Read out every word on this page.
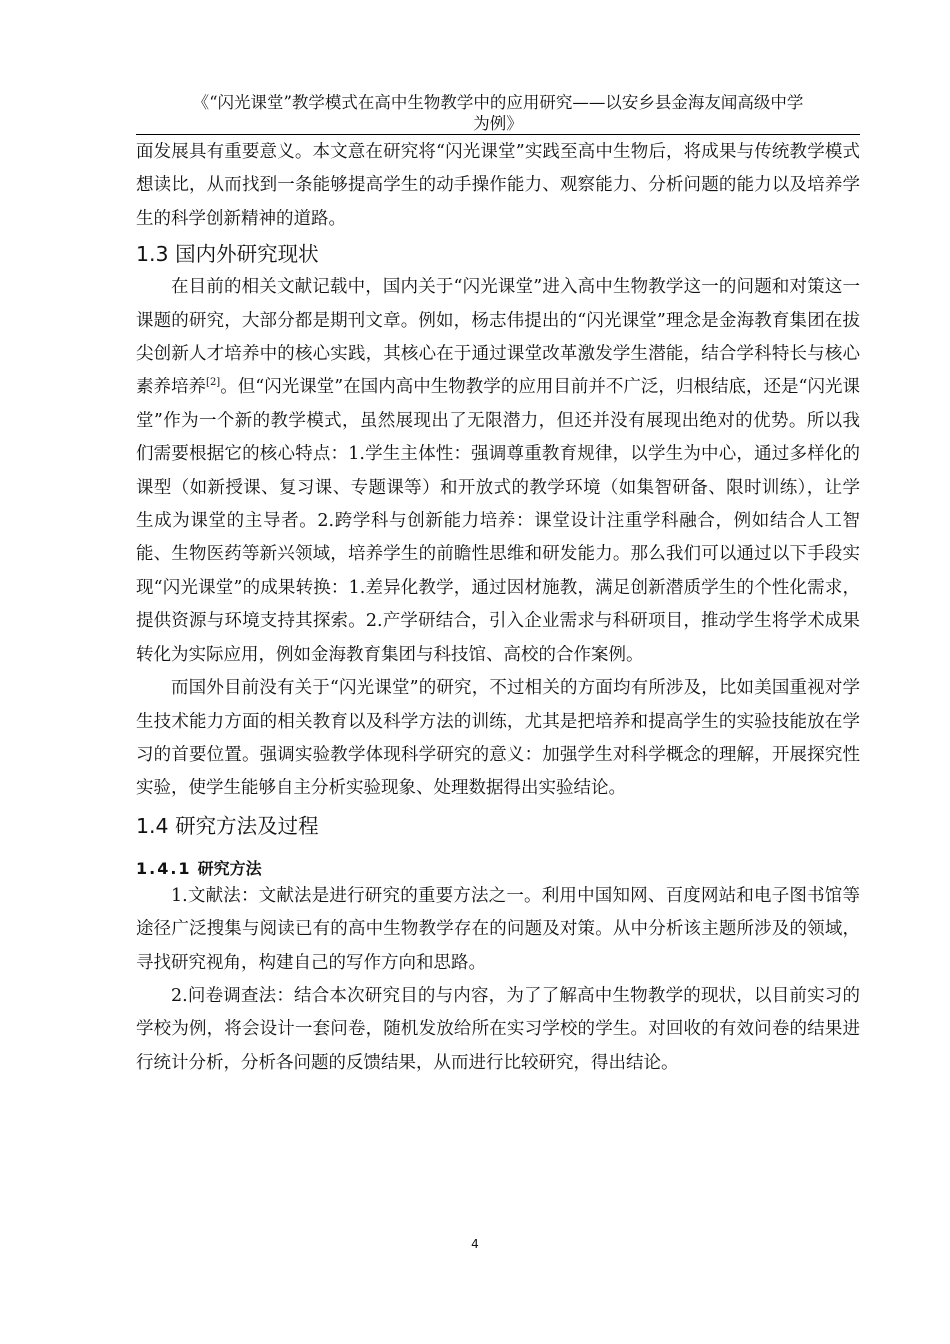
《“闪光课堂”教学模式在高中生物教学中的应用研究——以安乡县金海友闻高级中学
为例》

面发展具有重要意义。本文意在研究将“闪光课堂”实践至高中生物后，将成果与传统教学模式想读比，从而找到一条能够提高学生的动手操作能力、观察能力、分析问题的能力以及培养学生的科学创新精神的道路。

1.3 国内外研究现状

在目前的相关文献记载中，国内关于“闪光课堂”进入高中生物教学这一的问题和对策这一课题的研究，大部分都是期刊文章。例如，杨志伟提出的“闪光课堂”理念是金海教育集团在拔尖创新人才培养中的核心实践，其核心在于通过课堂改革激发学生潜能，结合学科特长与核心素养培养[2]。但“闪光课堂”在国内高中生物教学的应用目前并不广泛，归根结底，还是“闪光课堂”作为一个新的教学模式，虽然展现出了无限潜力，但还并没有展现出绝对的优势。所以我们需要根据它的核心特点：1.学生主体性：强调尊重教育规律，以学生为中心，通过多样化的课型（如新授课、复习课、专题课等）和开放式的教学环境（如集智研备、限时训练），让学生成为课堂的主导者。2.跨学科与创新能力培养：课堂设计注重学科融合，例如结合人工智能、生物医药等新兴领域，培养学生的前瞻性思维和研发能力。那么我们可以通过以下手段实现“闪光课堂”的成果转换：1.差异化教学，通过因材施教，满足创新潜质学生的个性化需求，提供资源与环境支持其探索。2.产学研结合，引入企业需求与科研项目，推动学生将学术成果转化为实际应用，例如金海教育集团与科技馆、高校的合作案例。

而国外目前没有关于“闪光课堂”的研究，不过相关的方面均有所涉及，比如美国重视对学生技术能力方面的相关教育以及科学方法的训练，尤其是把培养和提高学生的实验技能放在学习的首要位置。强调实验教学体现科学研究的意义：加强学生对科学概念的理解，开展探究性实验，使学生能够自主分析实验现象、处理数据得出实验结论。

1.4 研究方法及过程
1.4.1 研究方法

1.文献法：文献法是进行研究的重要方法之一。利用中国知网、百度网站和电子图书馆等途径广泛搜集与阅读已有的高中生物教学存在的问题及对策。从中分析该主题所涉及的领域，寻找研究视角，构建自己的写作方向和思路。

2.问卷调查法：结合本次研究目的与内容，为了了解高中生物教学的现状，以目前实习的学校为例，将会设计一套问卷，随机发放给所在实习学校的学生。对回收的有效问卷的结果进行统计分析，分析各问题的反馈结果，从而进行比较研究，得出结论。

4
